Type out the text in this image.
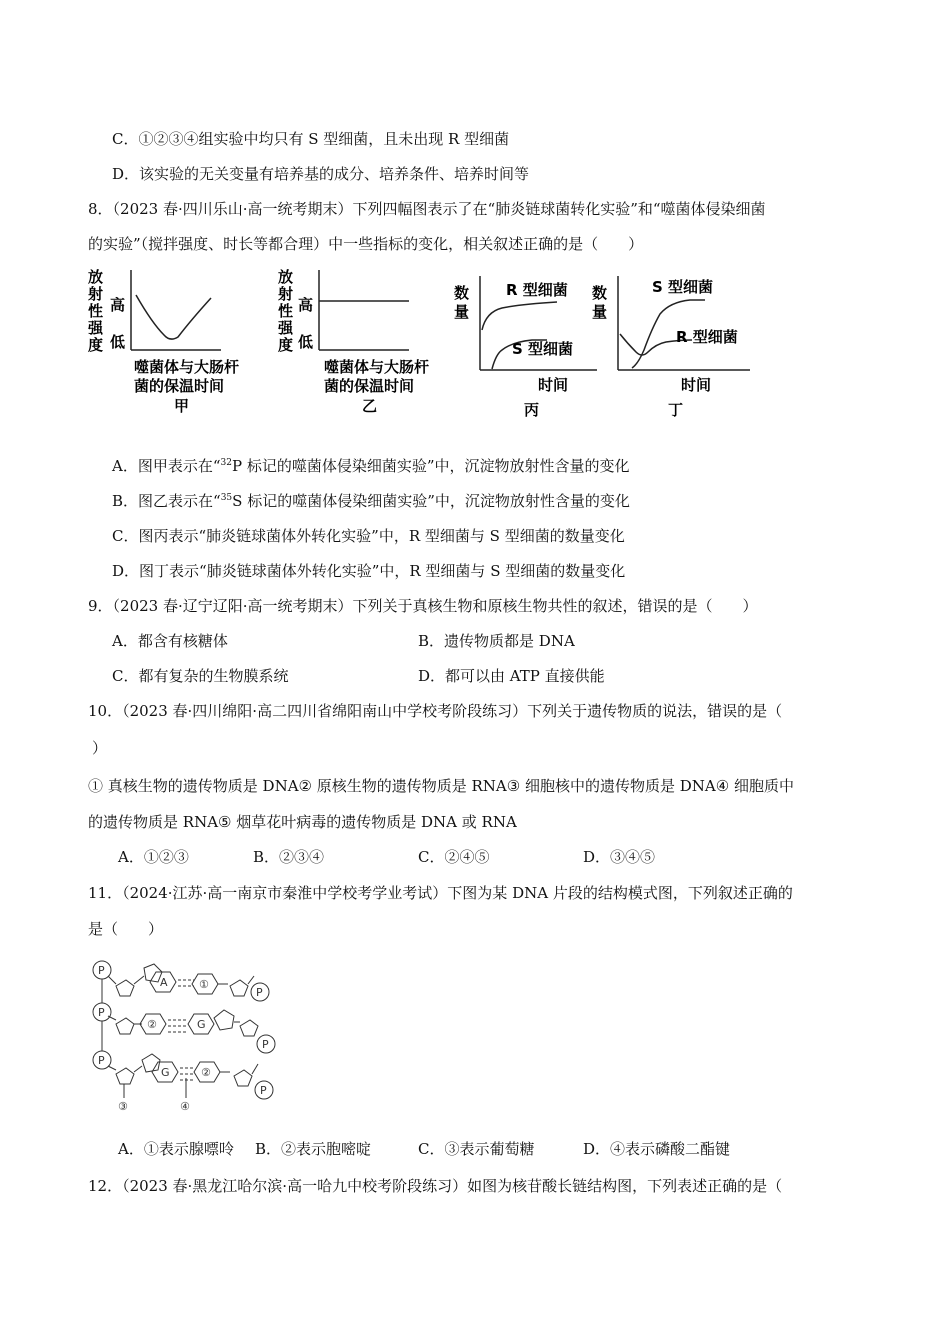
C．①②③④组实验中均只有 S 型细菌，且未出现 R 型细菌
D．该实验的无关变量有培养基的成分、培养条件、培养时间等
8．（2023 春·四川乐山·高一统考期末）下列四幅图表示了在“肺炎链球菌转化实验”和“噬菌体侵染细菌
的实验”（搅拌强度、时长等都合理）中一些指标的变化，相关叙述正确的是（　　）
放
射
性
强
度
高
低
噬菌体与大肠杆
菌的保温时间
甲
放
射
性
强
度
高
低
噬菌体与大肠杆
菌的保温时间
乙
数
量
R 型细菌
S 型细菌
时间
丙
数
量
S 型细菌
R 型细菌
时间
丁
A．图甲表示在“$^{32}$P 标记的噬菌体侵染细菌实验”中，沉淀物放射性含量的变化
B．图乙表示在“$^{35}$S 标记的噬菌体侵染细菌实验”中，沉淀物放射性含量的变化
C．图丙表示“肺炎链球菌体外转化实验”中，R 型细菌与 S 型细菌的数量变化
D．图丁表示“肺炎链球菌体外转化实验”中，R 型细菌与 S 型细菌的数量变化
9．（2023 春·辽宁辽阳·高一统考期末）下列关于真核生物和原核生物共性的叙述，错误的是（　　）
A．都含有核糖体	B．遗传物质都是 DNA
C．都有复杂的生物膜系统	D．都可以由 ATP 直接供能
10．（2023 春·四川绵阳·高二四川省绵阳南山中学校考阶段练习）下列关于遗传物质的说法，错误的是（
）
① 真核生物的遗传物质是 DNA② 原核生物的遗传物质是 RNA③ 细胞核中的遗传物质是 DNA④ 细胞质中
的遗传物质是 RNA⑤ 烟草花叶病毒的遗传物质是 DNA 或 RNA
A．①②③	B．②③④	C．②④⑤	D．③④⑤
11．（2024·江苏·高一南京市秦淮中学校考学业考试）下图为某 DNA 片段的结构模式图，下列叙述正确的
是（　　）
P
A	①
P
P
②	G
P
P
G	②
P
③	④
A．①表示腺嘌呤 B．②表示胞嘧啶	C．③表示葡萄糖	D．④表示磷酸二酯键
12．（2023 春·黑龙江哈尔滨·高一哈九中校考阶段练习）如图为核苷酸长链结构图，下列表述正确的是（
